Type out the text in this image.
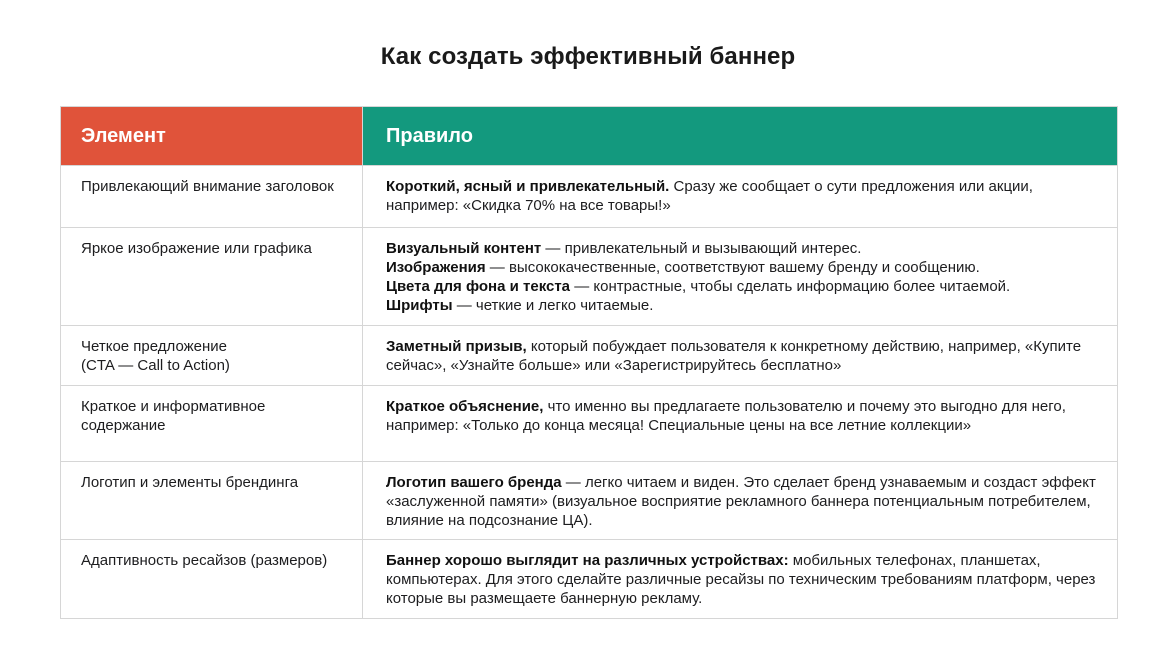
Как создать эффективный баннер
Элемент	Правило
Привлекающий внимание заголовок	Короткий, ясный и привлекательный. Сразу же сообщает о сути предложения или акции, например: «Скидка 70% на все товары!»
Яркое изображение или графика	Визуальный контент — привлекательный и вызывающий интерес.
Изображения — высококачественные, соответствуют вашему бренду и сообщению.
Цвета для фона и текста — контрастные, чтобы сделать информацию более читаемой.
Шрифты — четкие и легко читаемые.

Четкое предложение
(CTA — Call to Action)	Заметный призыв, который побуждает пользователя к конкретному действию, например, «Купите сейчас», «Узнайте больше» или «Зарегистрируйтесь бесплатно»
Краткое и информативное содержание	Краткое объяснение, что именно вы предлагаете пользователю и почему это выгодно для него, например: «Только до конца месяца! Специальные цены на все летние коллекции»
Логотип и элементы брендинга	Логотип вашего бренда — легко читаем и виден. Это сделает бренд узнаваемым и создаст эффект «заслуженной памяти» (визуальное восприятие рекламного баннера потенциальным потребителем, влияние на подсознание ЦА).
Адаптивность ресайзов (размеров)	Баннер хорошо выглядит на различных устройствах: мобильных телефонах, планшетах, компьютерах. Для этого сделайте различные ресайзы по техническим требованиям платформ, через которые вы размещаете баннерную рекламу.
